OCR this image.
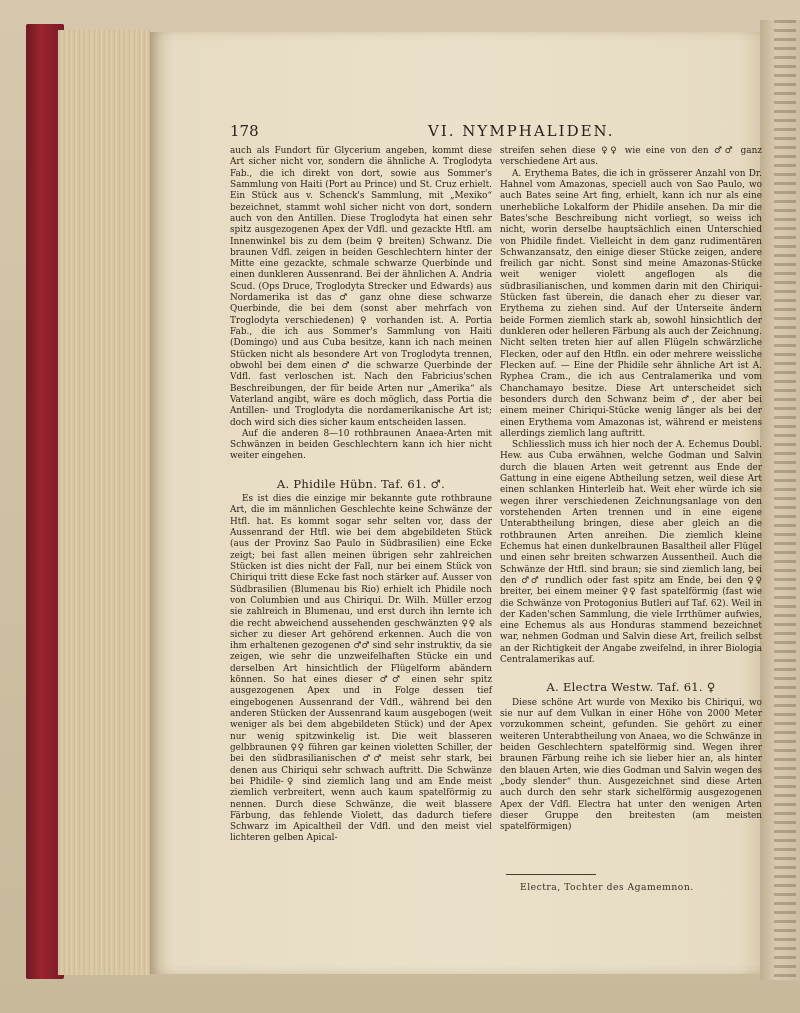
178	VI. NYMPHALIDEN.

auch als Fundort für Glycerium angeben, kommt diese Art sicher nicht vor, sondern die ähnliche A. Troglodyta Fab., die ich direkt von dort, sowie aus Sommer's Sammlung von Haiti (Port au Prince) und St. Cruz erhielt. Ein Stück aus v. Schenck's Sammlung, mit „Mexiko“ bezeichnet, stammt wohl sicher nicht von dort, sondern auch von den Antillen. Diese Troglodyta hat einen sehr spitz ausgezogenen Apex der Vdfl. und gezackte Htfl. am Innenwinkel bis zu dem (beim ♀ breiten) Schwanz. Die braunen Vdfl. zeigen in beiden Geschlechtern hinter der Mitte eine gezackte, schmale schwarze Querbinde und einen dunkleren Aussenrand. Bei der ähnlichen A. Andria Scud. (Ops Druce, Troglodyta Strecker und Edwards) aus Nordamerika ist das ♂ ganz ohne diese schwarze Querbinde, die bei dem (sonst aber mehrfach von Troglodyta verschiedenen) ♀ vorhanden ist. A. Portia Fab., die ich aus Sommer's Sammlung von Haiti (Domingo) und aus Cuba besitze, kann ich nach meinen Stücken nicht als besondere Art von Troglodyta trennen, obwohl bei dem einen ♂ die schwarze Querbinde der Vdfl. fast verloschen ist. Nach den Fabricius'schen Beschreibungen, der für beide Arten nur „Amerika“ als Vaterland angibt, wäre es doch möglich, dass Portia die Antillen- und Troglodyta die nordamerikanische Art ist; doch wird sich dies sicher kaum entscheiden lassen.

Auf die anderen 8—10 rothbraunen Anaea-Arten mit Schwänzen in beiden Geschlechtern kann ich hier nicht weiter eingehen.

A. Phidile Hübn. Taf. 61. ♂.

Es ist dies die einzige mir bekannte gute rothbraune Art, die im männlichen Geschlechte keine Schwänze der Htfl. hat. Es kommt sogar sehr selten vor, dass der Aussenrand der Htfl. wie bei dem abgebildeten Stück (aus der Provinz Sao Paulo in Südbrasilien) eine Ecke zeigt; bei fast allen meinen übrigen sehr zahlreichen Stücken ist dies nicht der Fall, nur bei einem Stück von Chiriqui tritt diese Ecke fast noch stärker auf. Ausser von Südbrasilien (Blumenau bis Rio) erhielt ich Phidile noch von Columbien und aus Chiriqui. Dr. Wilh. Müller erzog sie zahlreich in Blumenau, und erst durch ihn lernte ich die recht abweichend aussehenden geschwänzten ♀♀ als sicher zu dieser Art gehörend erkennen. Auch die von ihm erhaltenen gezogenen ♂♂ sind sehr instruktiv, da sie zeigen, wie sehr die unzweifelhaften Stücke ein und derselben Art hinsichtlich der Flügelform abändern können. So hat eines dieser ♂♂ einen sehr spitz ausgezogenen Apex und in Folge dessen tief eingebogenen Aussenrand der Vdfl., während bei den anderen Stücken der Aussenrand kaum ausgebogen (weit weniger als bei dem abgebildeten Stück) und der Apex nur wenig spitzwinkelig ist. Die weit blasseren gelbbraunen ♀♀ führen gar keinen violetten Schiller, der bei den südbrasilianischen ♂♂ meist sehr stark, bei denen aus Chiriqui sehr schwach auftritt. Die Schwänze bei Phidile-♀ sind ziemlich lang und am Ende meist ziemlich verbreitert, wenn auch kaum spatelförmig zu nennen. Durch diese Schwänze, die weit blassere Färbung, das fehlende Violett, das dadurch tiefere Schwarz im Apicaltheil der Vdfl. und den meist viel lichteren gelben Apical-

streifen sehen diese ♀♀ wie eine von den ♂♂ ganz verschiedene Art aus.

A. Erythema Bates, die ich in grösserer Anzahl von Dr. Hahnel vom Amazonas, speciell auch von Sao Paulo, wo auch Bates seine Art fing, erhielt, kann ich nur als eine unerhebliche Lokalform der Phidile ansehen. Da mir die Bates'sche Beschreibung nicht vorliegt, so weiss ich nicht, worin derselbe hauptsächlich einen Unterschied von Phidile findet. Vielleicht in dem ganz rudimentären Schwanzansatz, den einige dieser Stücke zeigen, andere freilich gar nicht. Sonst sind meine Amazonas-Stücke weit weniger violett angeflogen als die südbrasilianischen, und kommen darin mit den Chiriqui-Stücken fast überein, die danach eher zu dieser var. Erythema zu ziehen sind. Auf der Unterseite ändern beide Formen ziemlich stark ab, sowohl hinsichtlich der dunkleren oder helleren Färbung als auch der Zeichnung. Nicht selten treten hier auf allen Flügeln schwärzliche Flecken, oder auf den Htfln. ein oder mehrere weissliche Flecken auf. — Eine der Phidile sehr ähnliche Art ist A. Ryphea Cram., die ich aus Centralamerika und vom Chanchamayo besitze. Diese Art unterscheidet sich besonders durch den Schwanz beim ♂, der aber bei einem meiner Chiriqui-Stücke wenig länger als bei der einen Erythema vom Amazonas ist, während er meistens allerdings ziemlich lang auftritt.

Schliesslich muss ich hier noch der A. Echemus Doubl. Hew. aus Cuba erwähnen, welche Godman und Salvin durch die blauen Arten weit getrennt aus Ende der Gattung in eine eigene Abtheilung setzen, weil diese Art einen schlanken Hinterleib hat. Weit eher würde ich sie wegen ihrer verschiedenen Zeichnungsanlage von den vorstehenden Arten trennen und in eine eigene Unterabtheilung bringen, diese aber gleich an die rothbraunen Arten anreihen. Die ziemlich kleine Echemus hat einen dunkelbraunen Basaltheil aller Flügel und einen sehr breiten schwarzen Aussentheil. Auch die Schwänze der Htfl. sind braun; sie sind ziemlich lang, bei den ♂♂ rundlich oder fast spitz am Ende, bei den ♀♀ breiter, bei einem meiner ♀♀ fast spatelförmig (fast wie die Schwänze von Protogonius Butleri auf Taf. 62). Weil in der Kaden'schen Sammlung, die viele Irrthümer aufwies, eine Echemus als aus Honduras stammend bezeichnet war, nehmen Godman und Salvin diese Art, freilich selbst an der Richtigkeit der Angabe zweifelnd, in ihrer Biologia Centralamerikas auf.

A. Electra Westw. Taf. 61. ♀

Diese schöne Art wurde von Mexiko bis Chiriqui, wo sie nur auf dem Vulkan in einer Höhe von 2000 Meter vorzukommen scheint, gefunden. Sie gehört zu einer weiteren Unterabtheilung von Anaea, wo die Schwänze in beiden Geschlechtern spatelförmig sind. Wegen ihrer braunen Färbung reihe ich sie lieber hier an, als hinter den blauen Arten, wie dies Godman und Salvin wegen des „body slender“ thun. Ausgezeichnet sind diese Arten auch durch den sehr stark sichelförmig ausgezogenen Apex der Vdfl. Electra hat unter den wenigen Arten dieser Gruppe den breitesten (am meisten spatelförmigen)

Electra, Tochter des Agamemnon.
